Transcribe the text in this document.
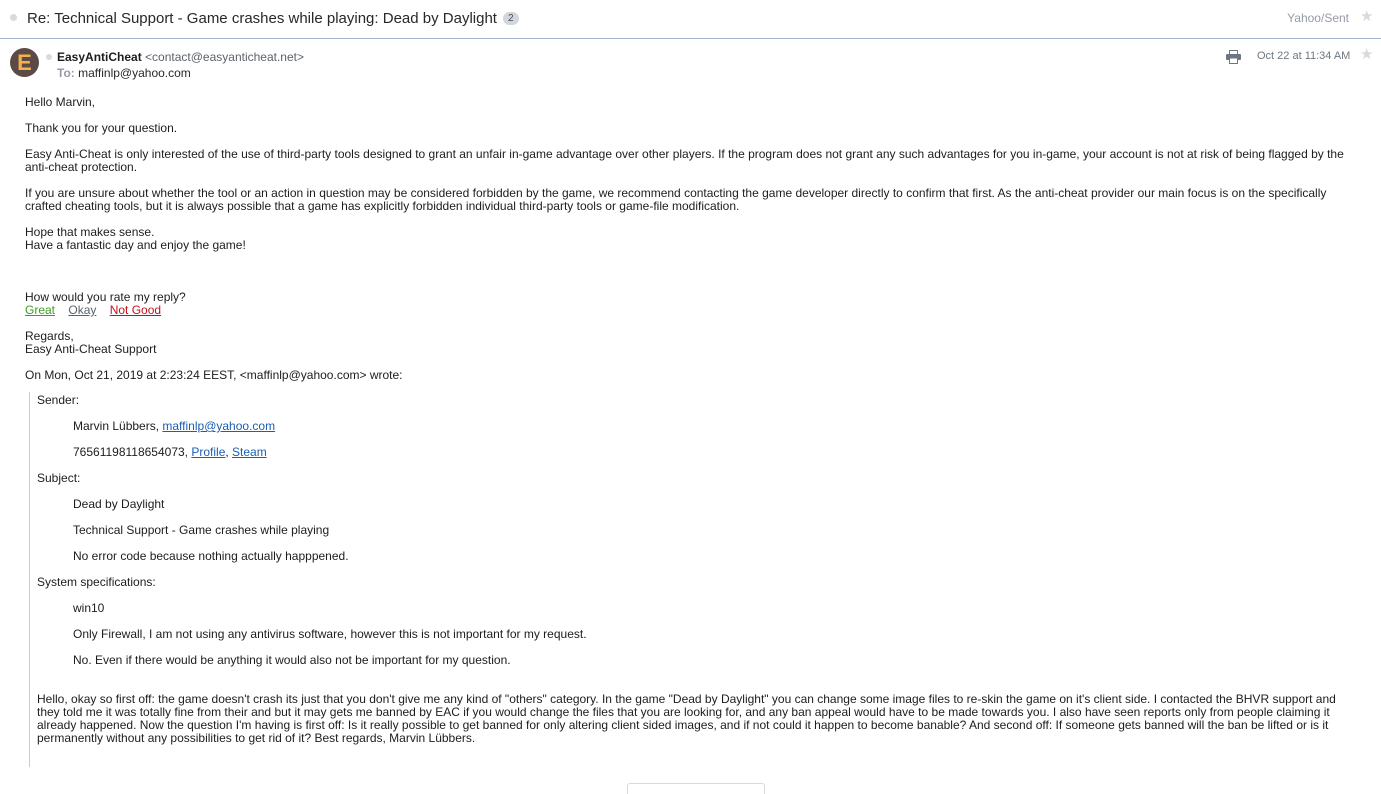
Re: Technical Support - Game crashes while playing: Dead by Daylight 2	Yahoo/Sent ★
E	EasyAntiCheat <contact@easyanticheat.net>
To: maffinlp@yahoo.com
Oct 22 at 11:34 AM ★

Hello Marvin,

Thank you for your question.

Easy Anti-Cheat is only interested of the use of third-party tools designed to grant an unfair in-game advantage over other players. If the program does not grant any such advantages for you in-game, your account is not at risk of being flagged by the anti-cheat protection.

If you are unsure about whether the tool or an action in question may be considered forbidden by the game, we recommend contacting the game developer directly to confirm that first. As the anti-cheat provider our main focus is on the specifically crafted cheating tools, but it is always possible that a game has explicitly forbidden individual third-party tools or game-file modification.

Hope that makes sense.

Have a fantastic day and enjoy the game!

How would you rate my reply?

Great Okay Not Good

Regards,

Easy Anti-Cheat Support

On Mon, Oct 21, 2019 at 2:23:24 EEST, <maffinlp@yahoo.com> wrote:
Sender:
Marvin Lübbers, maffinlp@yahoo.com
76561198118654073, Profile, Steam
Subject:
Dead by Daylight
Technical Support - Game crashes while playing
No error code because nothing actually happpened.
System specifications:
win10
Only Firewall, I am not using any antivirus software, however this is not important for my request.
No. Even if there would be anything it would also not be important for my question.
Hello, okay so first off: the game doesn't crash its just that you don't give me any kind of "others" category. In the game "Dead by Daylight" you can change some image files to re-skin the game on it's client side. I contacted the BHVR support and they told me it was totally fine from their and but it may gets me banned by EAC if you would change the files that you are looking for, and any ban appeal would have to be made towards you. I also have seen reports only from people claiming it already happened. Now the question I'm having is first off: Is it really possible to get banned for only altering client sided images, and if not could it happen to become banable? And second off: If someone gets banned will the ban be lifted or is it permanently without any possibilities to get rid of it? Best regards, Marvin Lübbers.
